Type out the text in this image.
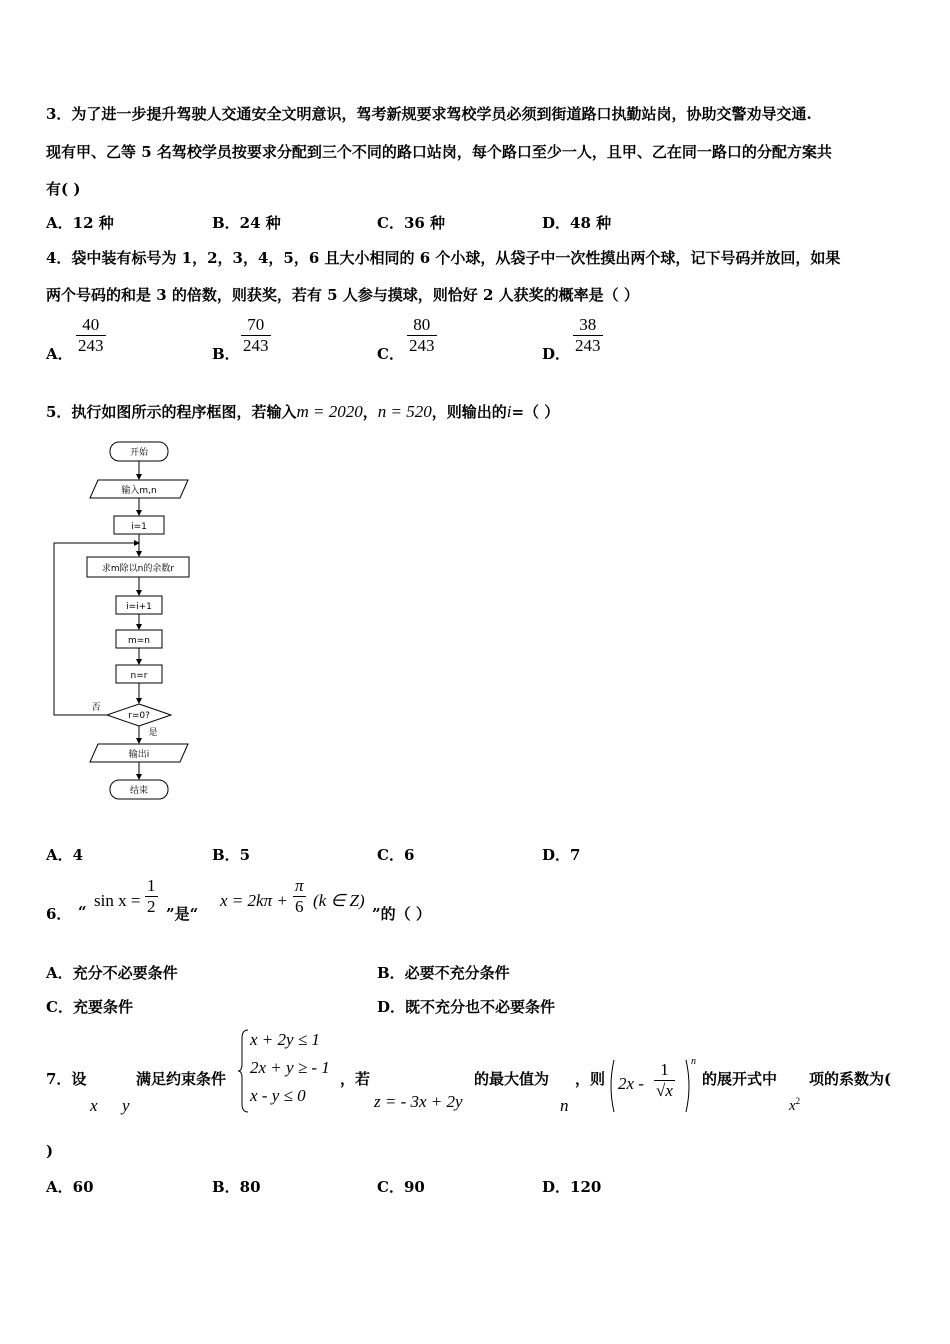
3．为了进一步提升驾驶人交通安全文明意识，驾考新规要求驾校学员必须到街道路口执勤站岗，协助交警劝导交通.
现有甲、乙等 5 名驾校学员按要求分配到三个不同的路口站岗，每个路口至少一人，且甲、乙在同一路口的分配方案共
有( )
A．12 种	B．24 种	C．36 种	D．48 种
4．袋中装有标号为 1，2，3，4，5，6 且大小相同的 6 个小球，从袋子中一次性摸出两个球，记下号码并放回，如果
两个号码的和是 3 的倍数，则获奖，若有 5 人参与摸球，则恰好 2 人获奖的概率是（ ）
A． $\frac{40}{243}$	B． $\frac{70}{243}$	C． $\frac{80}{243}$	D． $\frac{38}{243}$
5．执行如图所示的程序框图，若输入m = 2020，n = 520，则输出的i=（ ）
开始
输入m,n
i=1
求m除以n的余数r
i=i+1
m=n
n=r
r=0?
否
是
输出i
结束
A．4	B．5	C．6	D．7
6． “
$\sin x = \frac{1}{2}$ ”是“
$x = 2k\pi + \frac{\pi}{6} (k$ ∈ Z)
”的（ ）
A．充分不必要条件	B．必要不充分条件
C．充要条件	D．既不充分也不必要条件
7．设
x y
满足约束条件
x + 2y ≤ 1
2x + y ≥ - 1
x - y ≤ 0
，若
z = - 3x + 2y
的最大值为
n
，则 $2x - \frac{1}{√x}$ n
的展开式中
$x^2$
项的系数为(
)
A．60	B．80	C．90	D．120
